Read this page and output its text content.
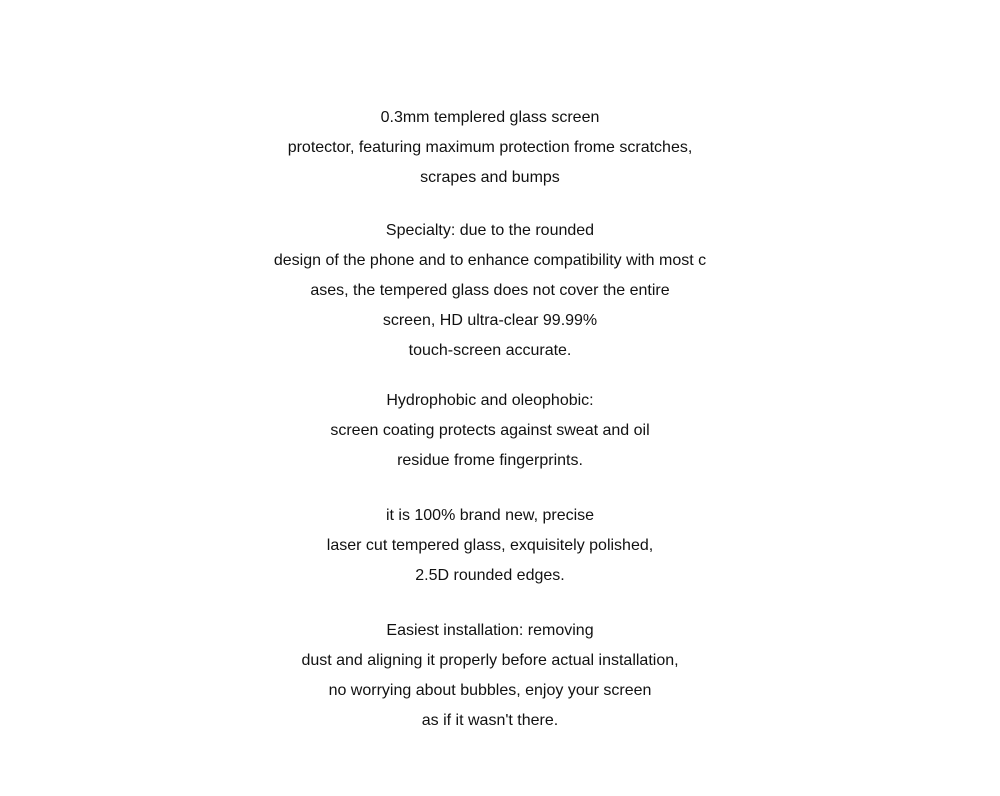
0.3mm templered glass screen
protector, featuring maximum protection frome scratches,
scrapes and bumps
Specialty: due to the rounded
design of the phone and to enhance compatibility with most c
ases, the tempered glass does not cover the entire
screen, HD ultra-clear 99.99%
touch-screen accurate.
Hydrophobic and oleophobic:
screen coating protects against sweat and oil
residue frome fingerprints.
it is 100% brand new, precise
laser cut tempered glass, exquisitely polished,
2.5D rounded edges.
Easiest installation: removing
dust and aligning it properly before actual installation,
no worrying about bubbles, enjoy your screen
as if it wasn't there.
